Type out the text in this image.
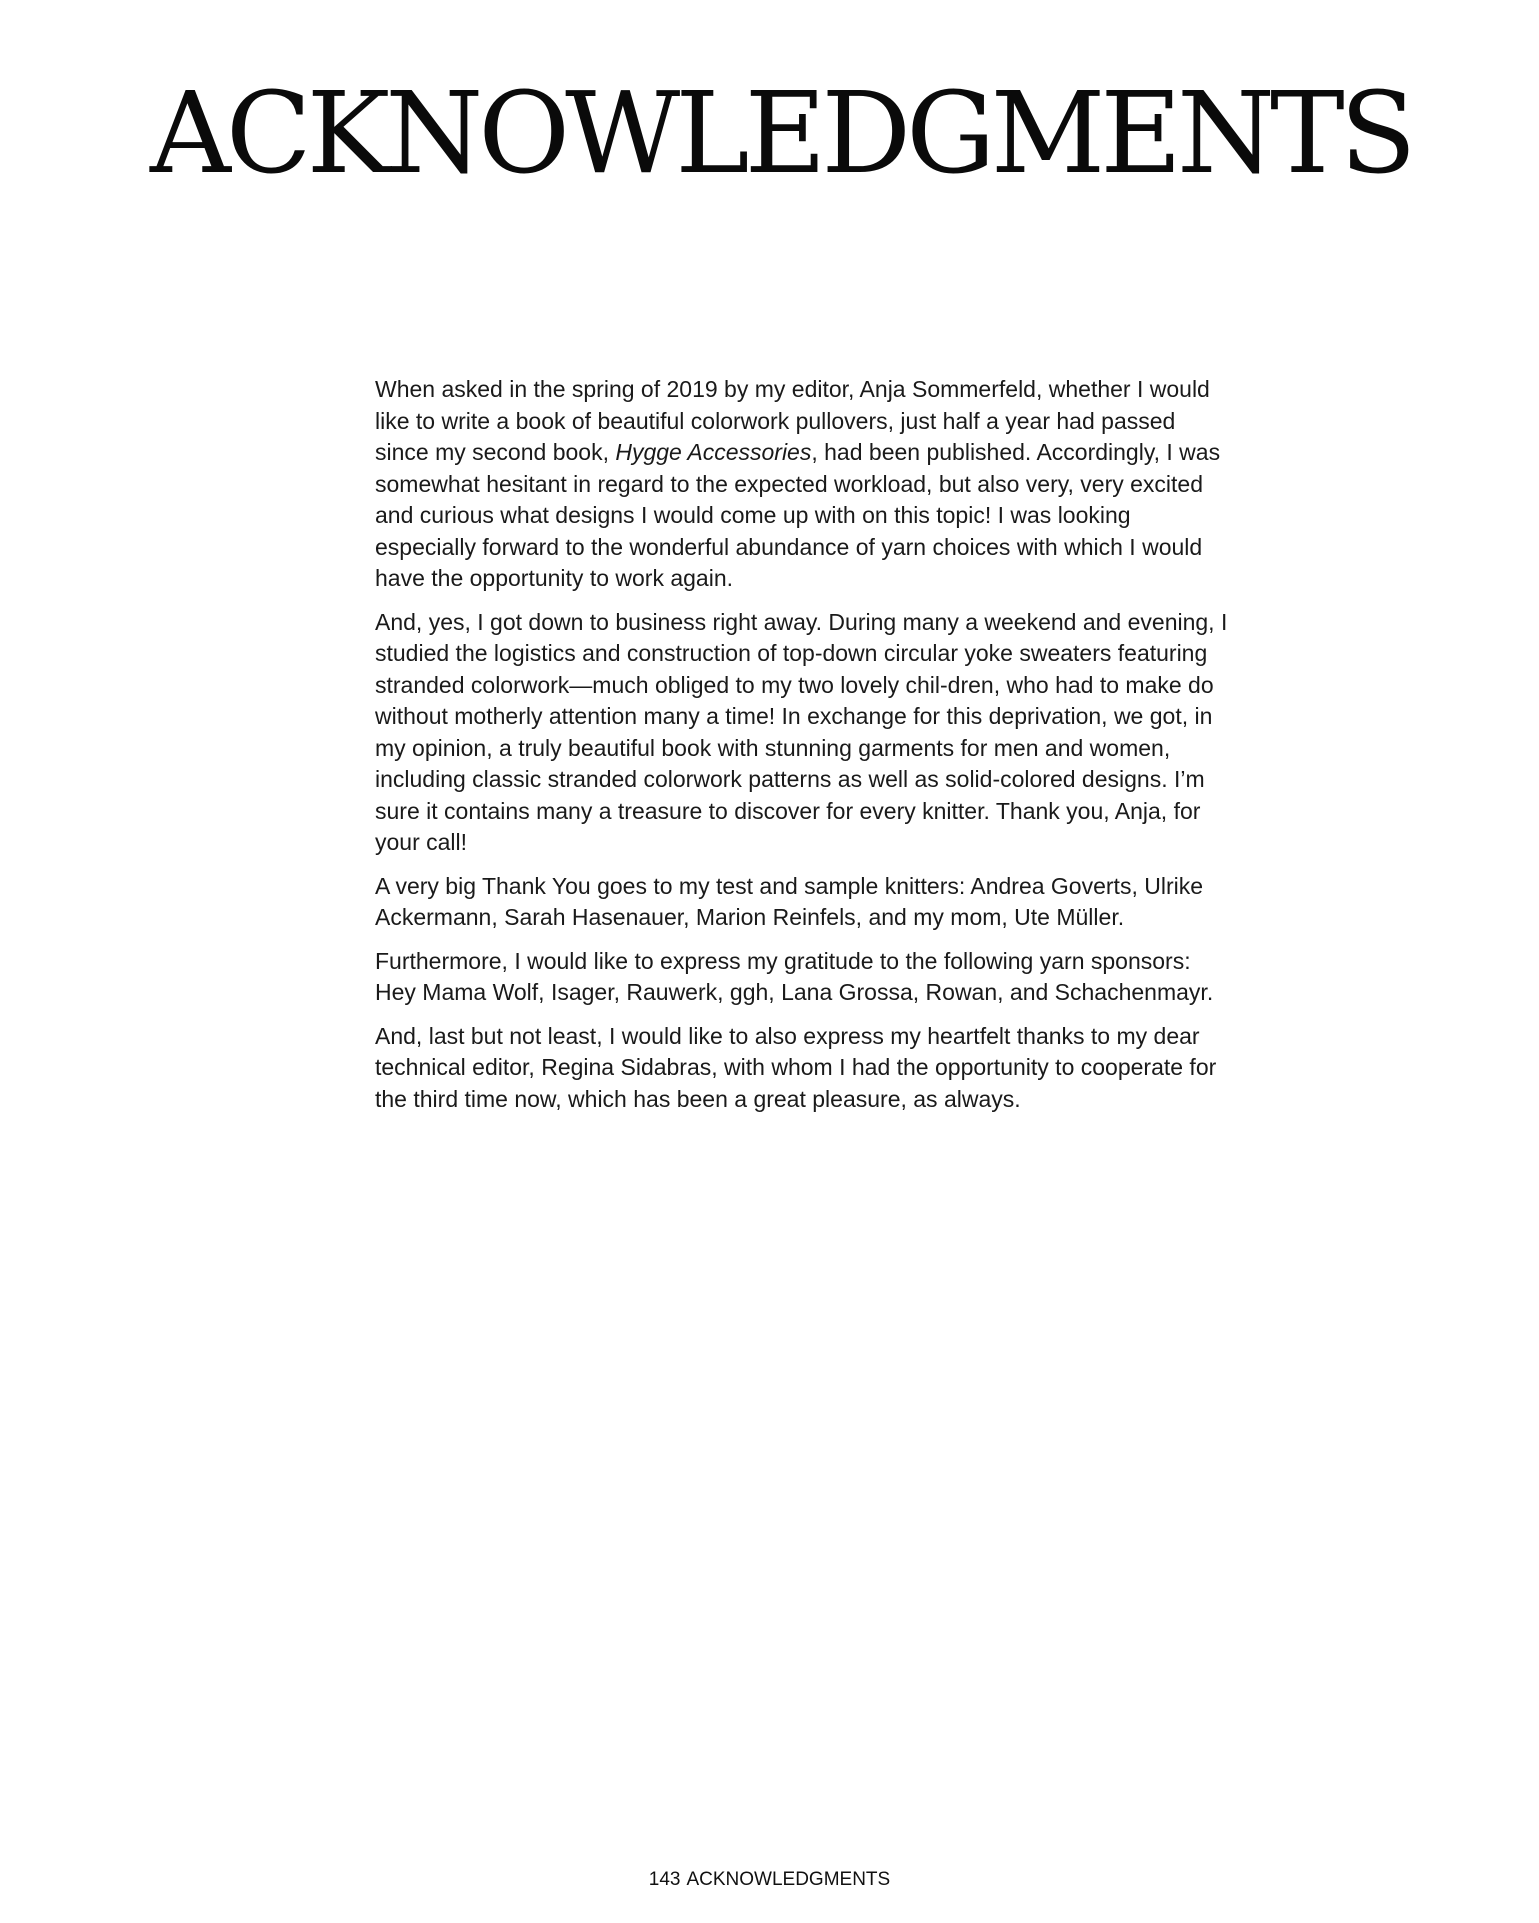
ACKNOWLEDGMENTS

When asked in the spring of 2019 by my editor, Anja Sommerfeld, whether I would like to write a book of beautiful colorwork pullovers, just half a year had passed since my second book, Hygge Accessories, had been published. Accordingly, I was somewhat hesitant in regard to the expected workload, but also very, very excited and curious what designs I would come up with on this topic! I was looking especially forward to the wonderful abundance of yarn choices with which I would have the opportunity to work again.

And, yes, I got down to business right away. During many a weekend and evening, I studied the logistics and construction of top-down circular yoke sweaters featuring stranded colorwork—much obliged to my two lovely chil-dren, who had to make do without motherly attention many a time! In exchange for this deprivation, we got, in my opinion, a truly beautiful book with stunning garments for men and women, including classic stranded colorwork patterns as well as solid-colored designs. I’m sure it contains many a treasure to discover for every knitter. Thank you, Anja, for your call!

A very big Thank You goes to my test and sample knitters: Andrea Goverts, Ulrike Ackermann, Sarah Hasenauer, Marion Reinfels, and my mom, Ute Müller.

Furthermore, I would like to express my gratitude to the following yarn sponsors: Hey Mama Wolf, Isager, Rauwerk, ggh, Lana Grossa, Rowan, and Schachenmayr.

And, last but not least, I would like to also express my heartfelt thanks to my dear technical editor, Regina Sidabras, with whom I had the opportunity to cooperate for the third time now, which has been a great pleasure, as always.

143 ACKNOWLEDGMENTS
